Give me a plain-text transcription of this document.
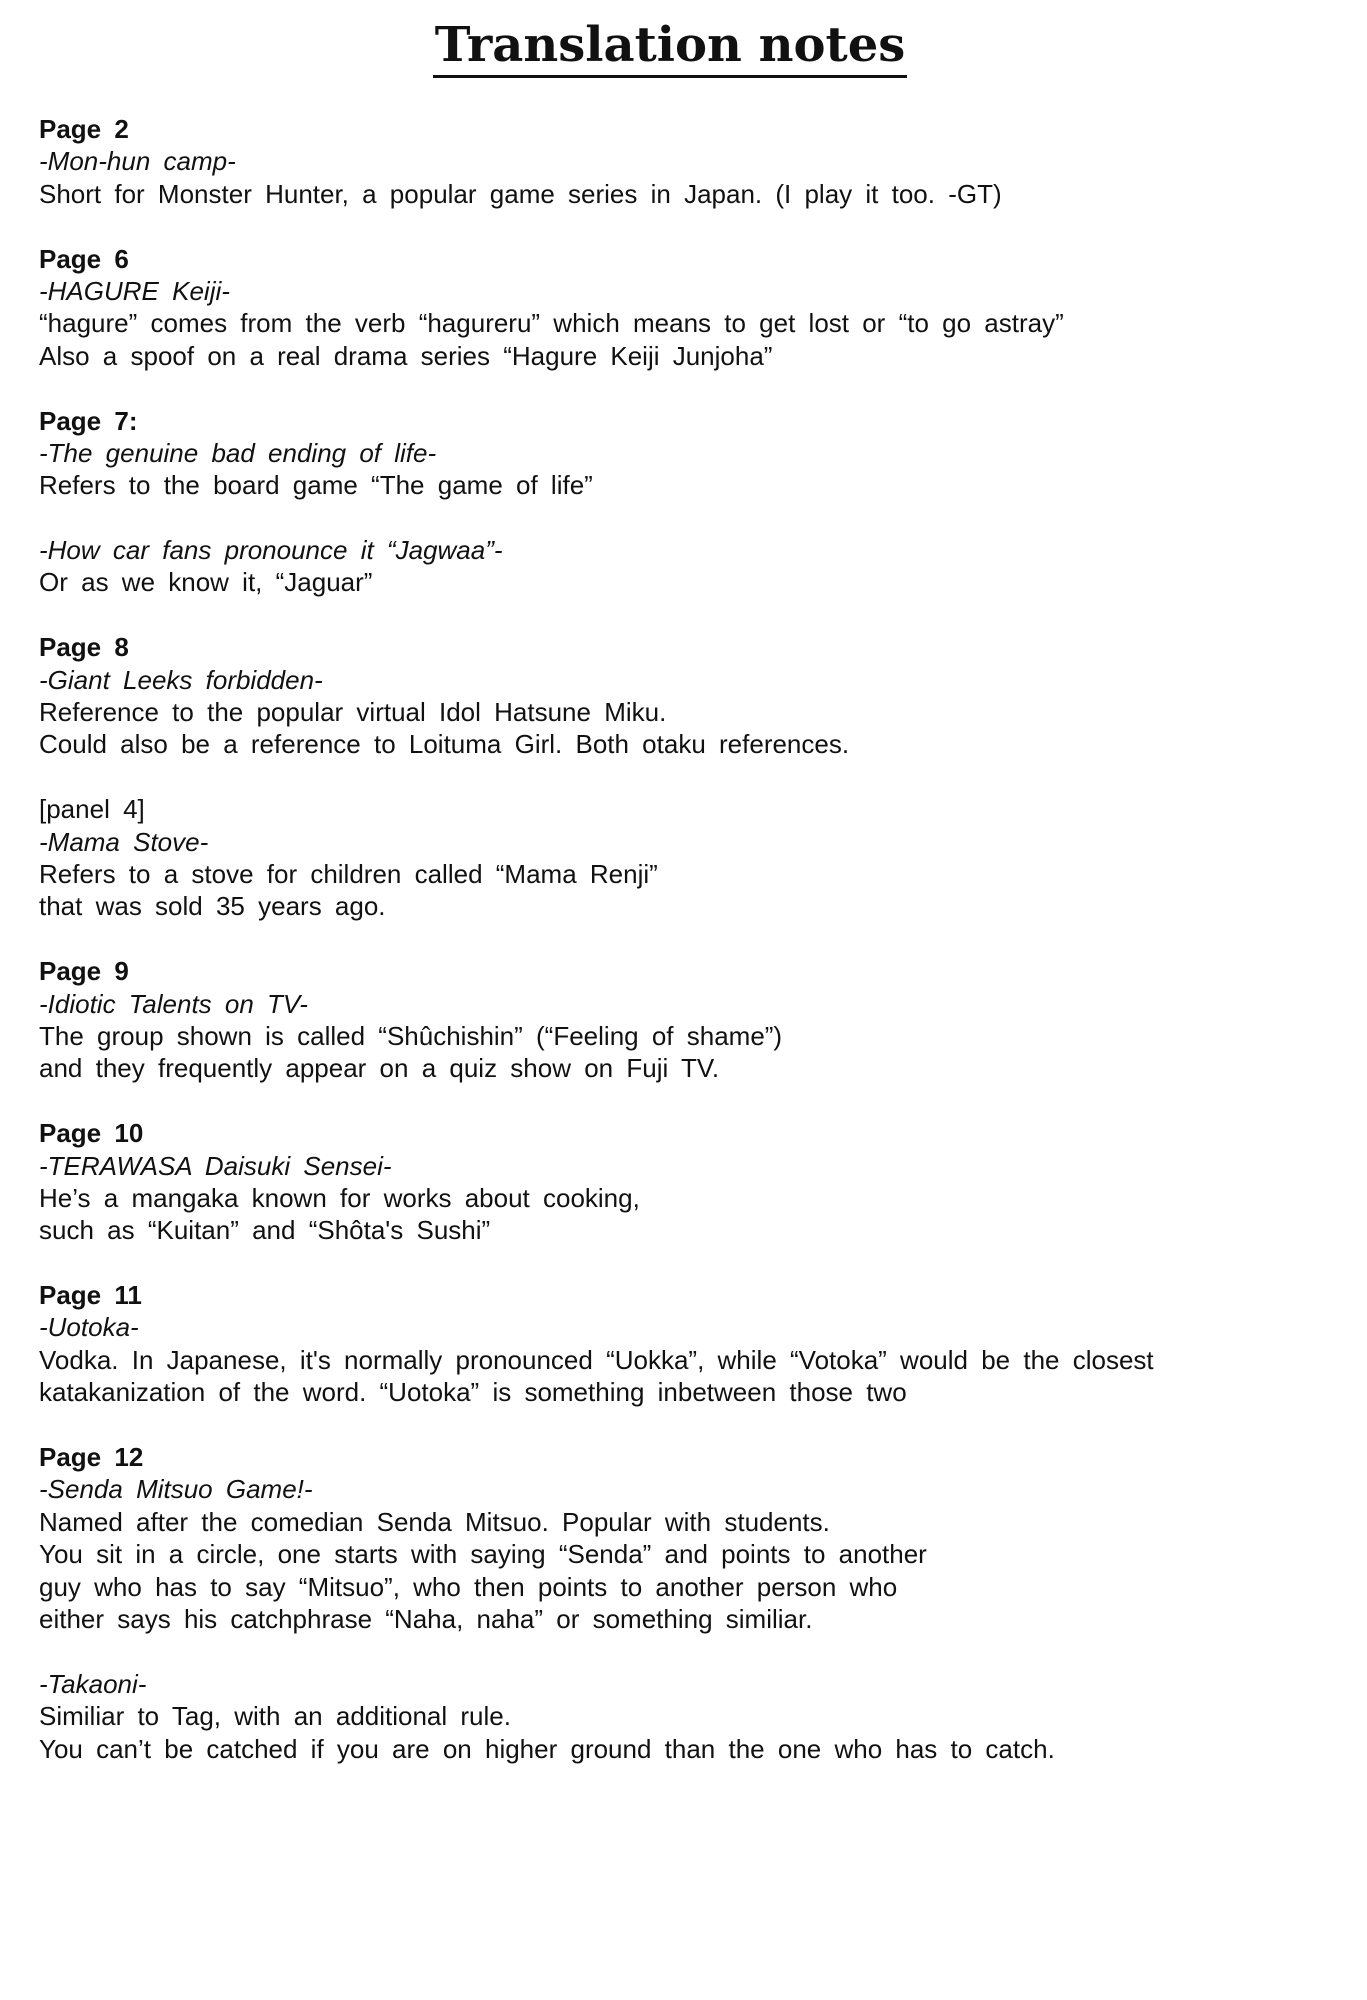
Translation notes
Page 2
-Mon-hun camp-
Short for Monster Hunter, a popular game series in Japan. (I play it too. -GT)
Page 6
-HAGURE Keiji-
“hagure” comes from the verb “hagureru” which means to get lost or “to go astray”
Also a spoof on a real drama series “Hagure Keiji Junjoha”
Page 7:
-The genuine bad ending of life-
Refers to the board game “The game of life”
-How car fans pronounce it “Jagwaa”-
Or as we know it, “Jaguar”
Page 8
-Giant Leeks forbidden-
Reference to the popular virtual Idol Hatsune Miku.
Could also be a reference to Loituma Girl. Both otaku references.
[panel 4]
-Mama Stove-
Refers to a stove for children called “Mama Renji”
that was sold 35 years ago.
Page 9
-Idiotic Talents on TV-
The group shown is called “Shûchishin” (“Feeling of shame”)
and they frequently appear on a quiz show on Fuji TV.
Page 10
-TERAWASA Daisuki Sensei-
He’s a mangaka known for works about cooking,
such as “Kuitan” and “Shôta's Sushi”
Page 11
-Uotoka-
Vodka. In Japanese, it's normally pronounced “Uokka”, while “Votoka” would be the closest
katakanization of the word. “Uotoka” is something inbetween those two
Page 12
-Senda Mitsuo Game!-
Named after the comedian Senda Mitsuo. Popular with students.
You sit in a circle, one starts with saying “Senda” and points to another
guy who has to say “Mitsuo”, who then points to another person who
either says his catchphrase “Naha, naha” or something similiar.
-Takaoni-
Similiar to Tag, with an additional rule.
You can’t be catched if you are on higher ground than the one who has to catch.
